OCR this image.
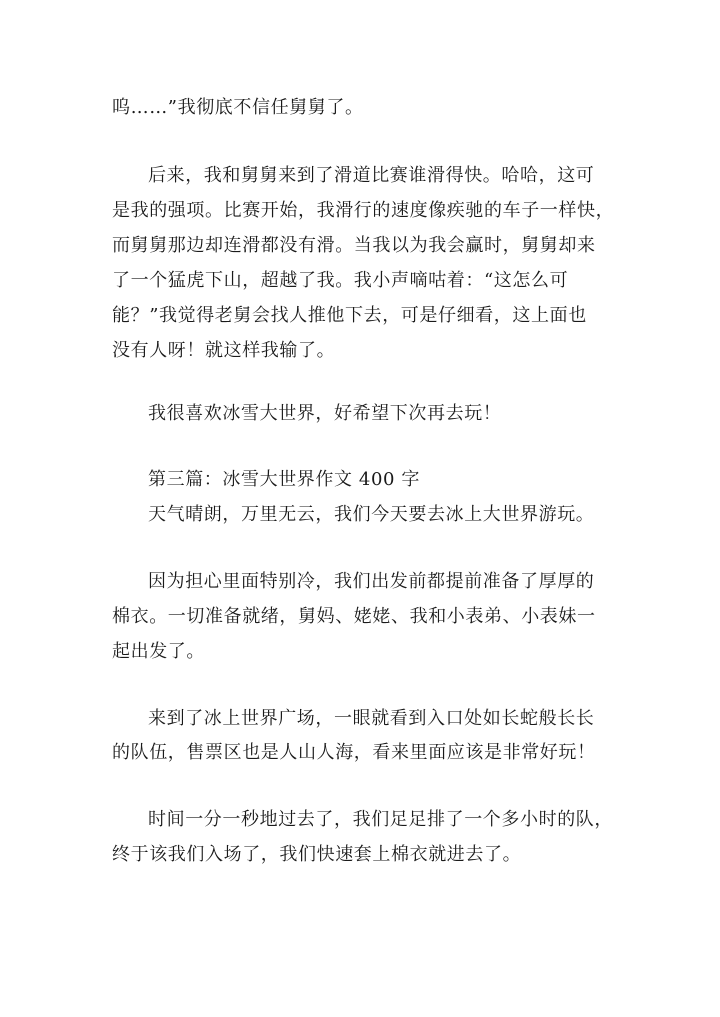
呜……”我彻底不信任舅舅了。
后来，我和舅舅来到了滑道比赛谁滑得快。哈哈，这可
是我的强项。比赛开始，我滑行的速度像疾驰的车子一样快，
而舅舅那边却连滑都没有滑。当我以为我会赢时，舅舅却来
了一个猛虎下山，超越了我。我小声嘀咕着：“这怎么可
能？”我觉得老舅会找人推他下去，可是仔细看，这上面也
没有人呀！就这样我输了。
我很喜欢冰雪大世界，好希望下次再去玩！
第三篇：冰雪大世界作文 400 字
天气晴朗，万里无云，我们今天要去冰上大世界游玩。
因为担心里面特别冷，我们出发前都提前准备了厚厚的
棉衣。一切准备就绪，舅妈、姥姥、我和小表弟、小表妹一
起出发了。
来到了冰上世界广场，一眼就看到入口处如长蛇般长长
的队伍，售票区也是人山人海，看来里面应该是非常好玩！
时间一分一秒地过去了，我们足足排了一个多小时的队，
终于该我们入场了，我们快速套上棉衣就进去了。
